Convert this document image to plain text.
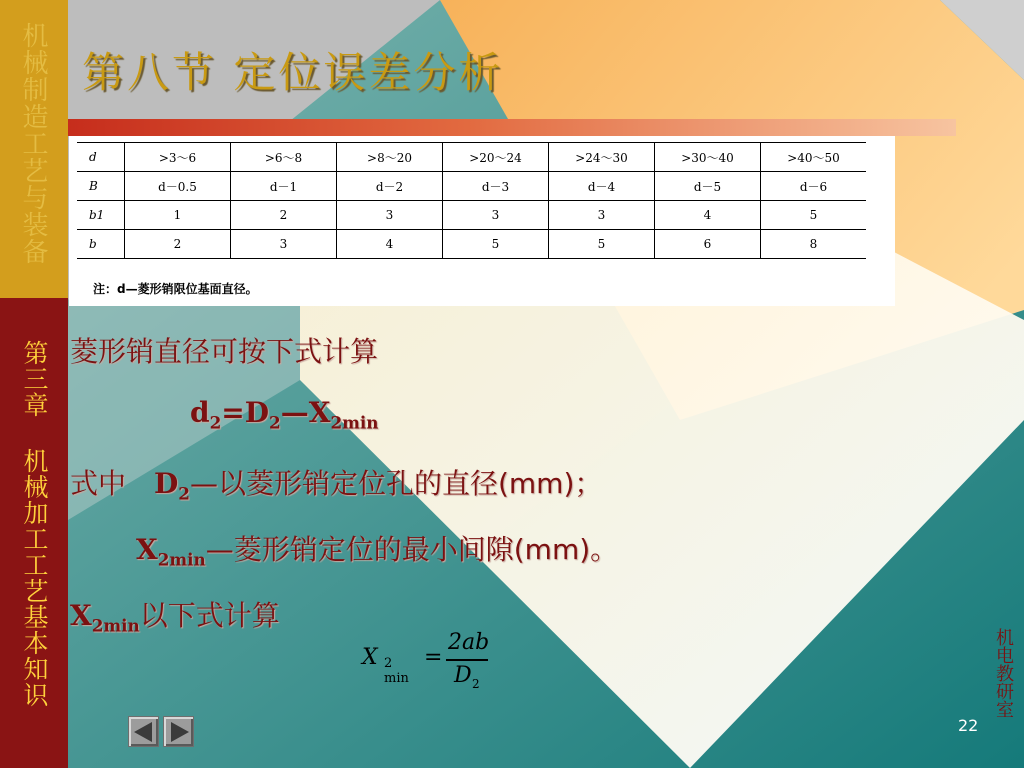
机械制造工艺与装备
第三章 机械加工工艺基本知识
第八节 定位误差分析
d	>3～6	>6～8	>8～20	>20～24	>24～30	>30～40	>40～50
B	d－0.5	d－1	d－2	d－3	d－4	d－5	d－6
b1	1	2	3	3	3	4	5
b	2	3	4	5	5	6	8
注：d—菱形销限位基面直径。
菱形销直径可按下式计算
$d_2=D_2—X_{2min}$
式中　$D_2—$以菱形销定位孔的直径(mm)；
$X_{2min}—$菱形销定位的最小间隙(mm)。
$X_{2min}$以下式计算
X 2 min
=
2ab
D 2	机电教研室
22
